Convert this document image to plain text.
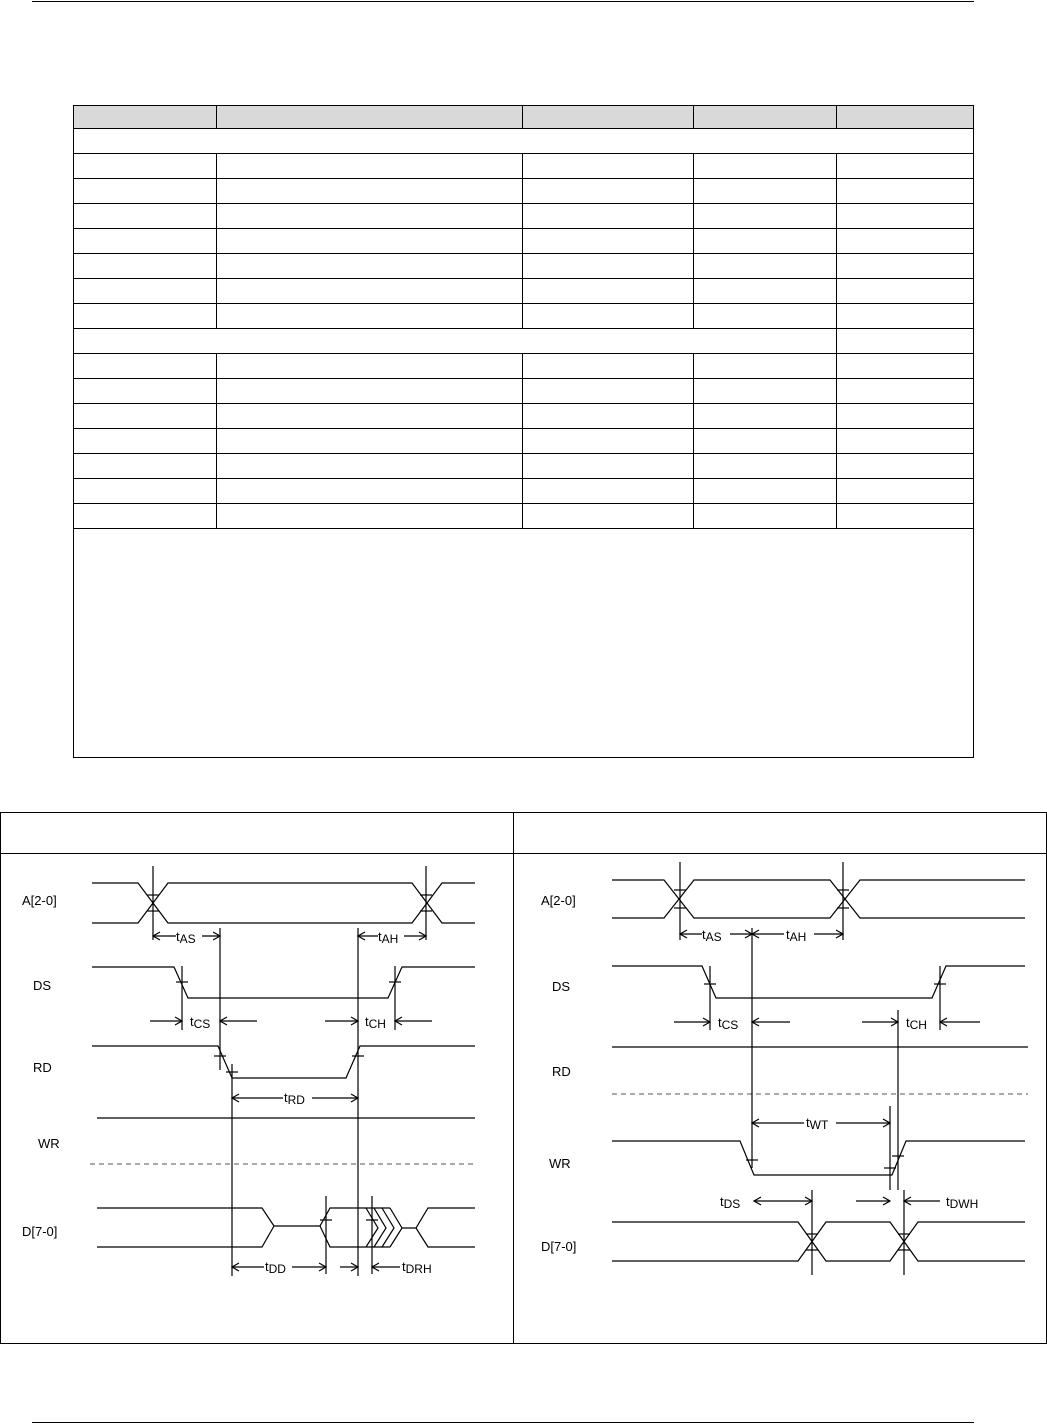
A[2-0]
DS
RD
WR
D[7-0]
tAS	tAH
tCS	tCH
tRD
tDD	tDRH
A[2-0]
DS
RD
WR
D[7-0]
tAS	tAH
tCS	tCH
tWT
tDS	tDWH
